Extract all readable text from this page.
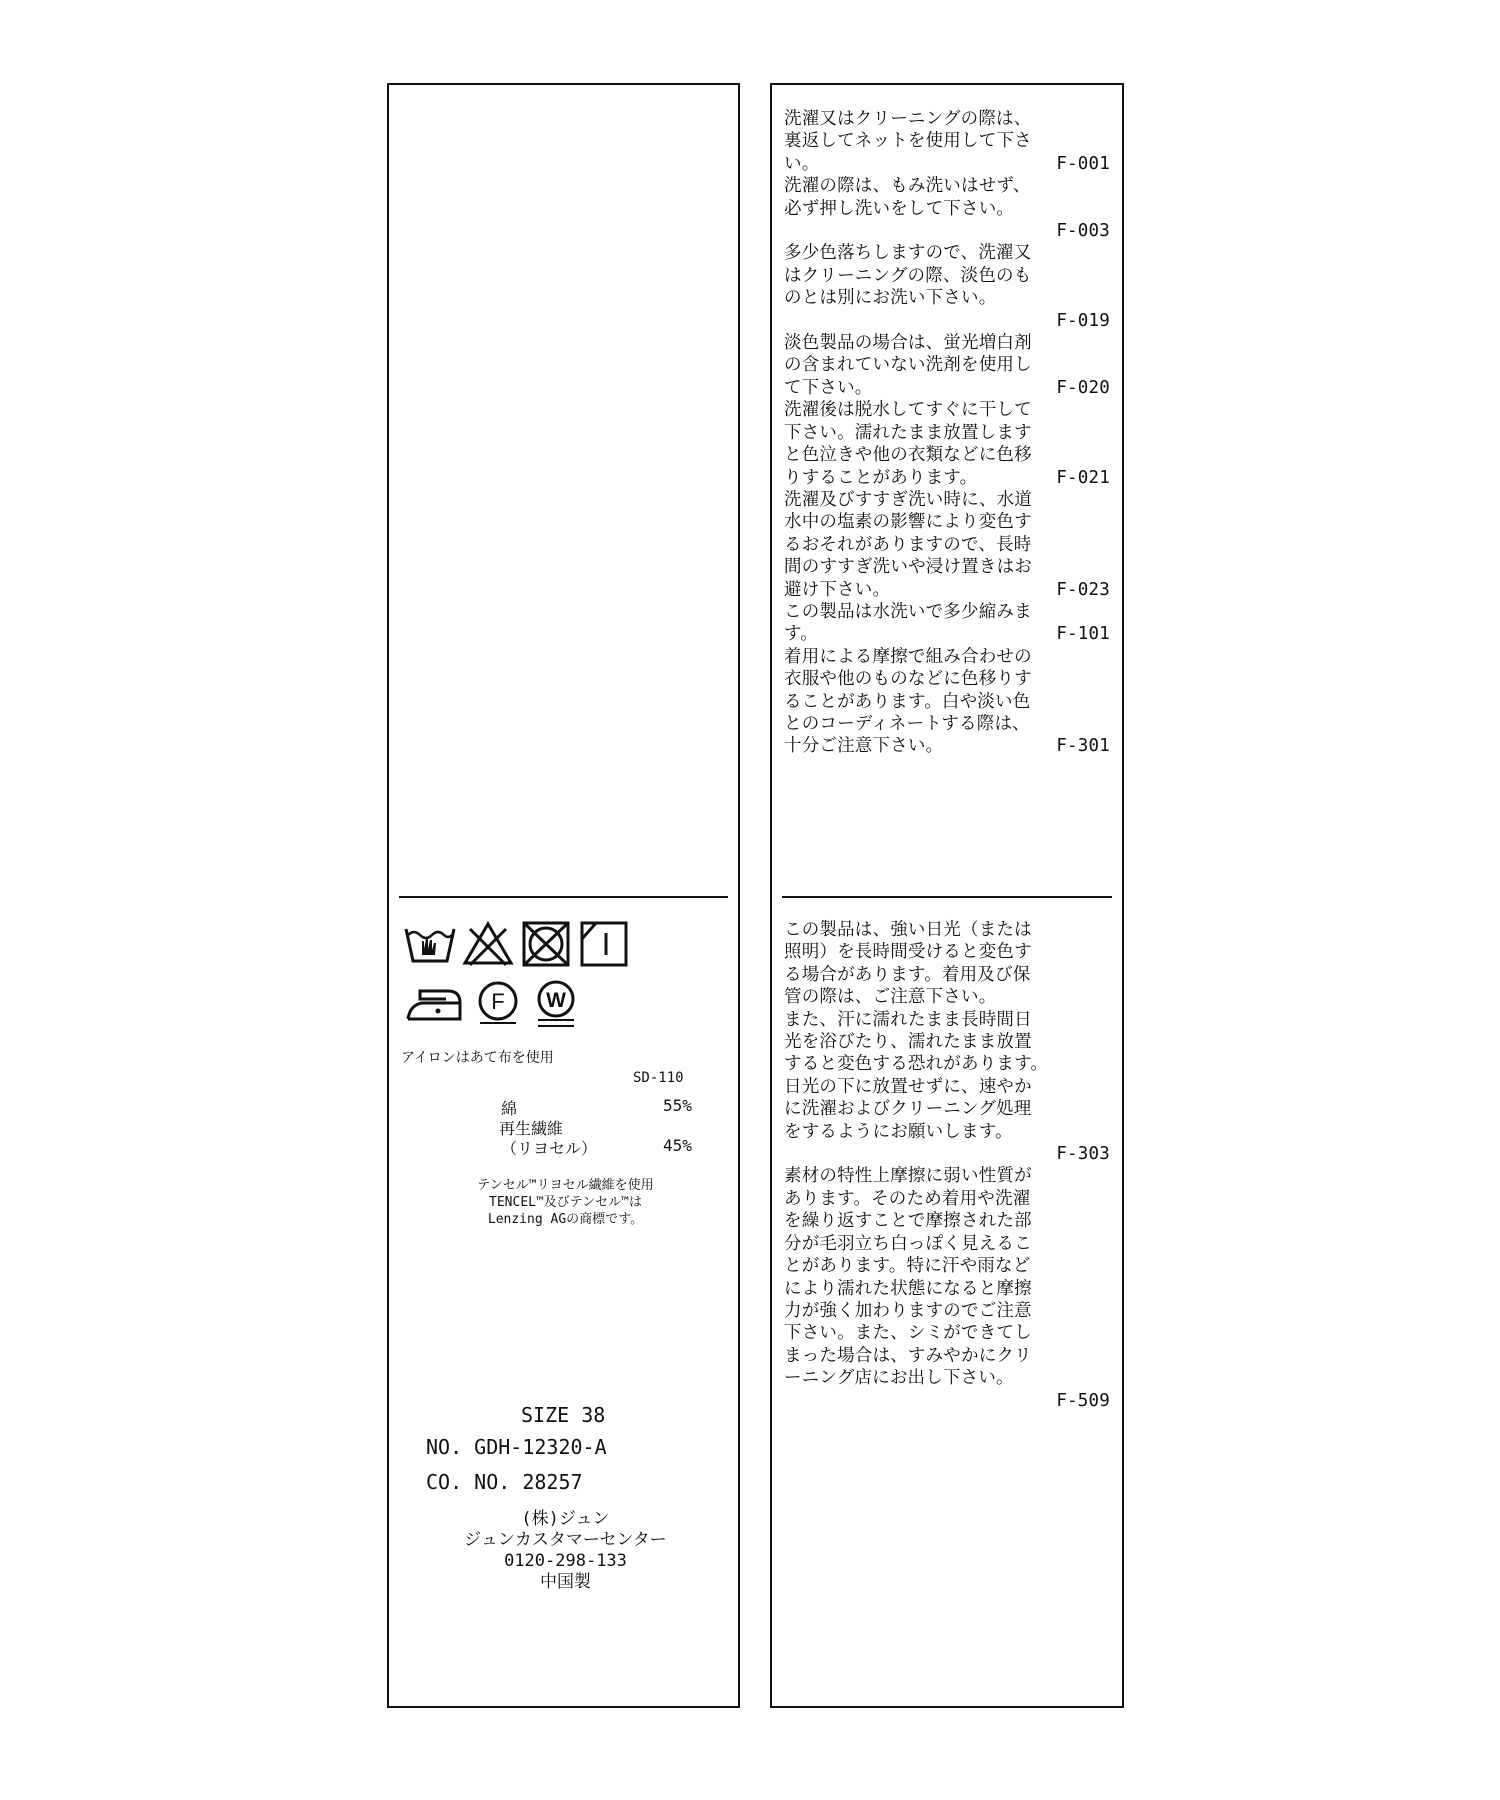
F W
アイロンはあて布を使用
SD-110
綿	55%
再生繊維
（リヨセル）	45%
テンセル™リヨセル繊維を使用
TENCEL™及びテンセル™は
Lenzing AGの商標です。
SIZE 38
NO. GDH-12320-A
CO. NO. 28257
(株)ジュン
ジュンカスタマーセンター
0120-298-133
中国製
洗濯又はクリーニングの際は、
裏返してネットを使用して下さ
い。	F-001
洗濯の際は、もみ洗いはせず、
必ず押し洗いをして下さい。
F-003
多少色落ちしますので、洗濯又
はクリーニングの際、淡色のも
のとは別にお洗い下さい。
F-019
淡色製品の場合は、蛍光増白剤
の含まれていない洗剤を使用し
て下さい。	F-020
洗濯後は脱水してすぐに干して
下さい。濡れたまま放置します
と色泣きや他の衣類などに色移
りすることがあります。	F-021
洗濯及びすすぎ洗い時に、水道
水中の塩素の影響により変色す
るおそれがありますので、長時
間のすすぎ洗いや浸け置きはお
避け下さい。	F-023
この製品は水洗いで多少縮みま
す。	F-101
着用による摩擦で組み合わせの
衣服や他のものなどに色移りす
ることがあります。白や淡い色
とのコーディネートする際は、
十分ご注意下さい。	F-301
この製品は、強い日光（または
照明）を長時間受けると変色す
る場合があります。着用及び保
管の際は、ご注意下さい。
また、汗に濡れたまま長時間日
光を浴びたり、濡れたまま放置
すると変色する恐れがあります。
日光の下に放置せずに、速やか
に洗濯およびクリーニング処理
をするようにお願いします。
F-303
素材の特性上摩擦に弱い性質が
あります。そのため着用や洗濯
を繰り返すことで摩擦された部
分が毛羽立ち白っぽく見えるこ
とがあります。特に汗や雨など
により濡れた状態になると摩擦
力が強く加わりますのでご注意
下さい。また、シミができてし
まった場合は、すみやかにクリ
ーニング店にお出し下さい。
F-509
